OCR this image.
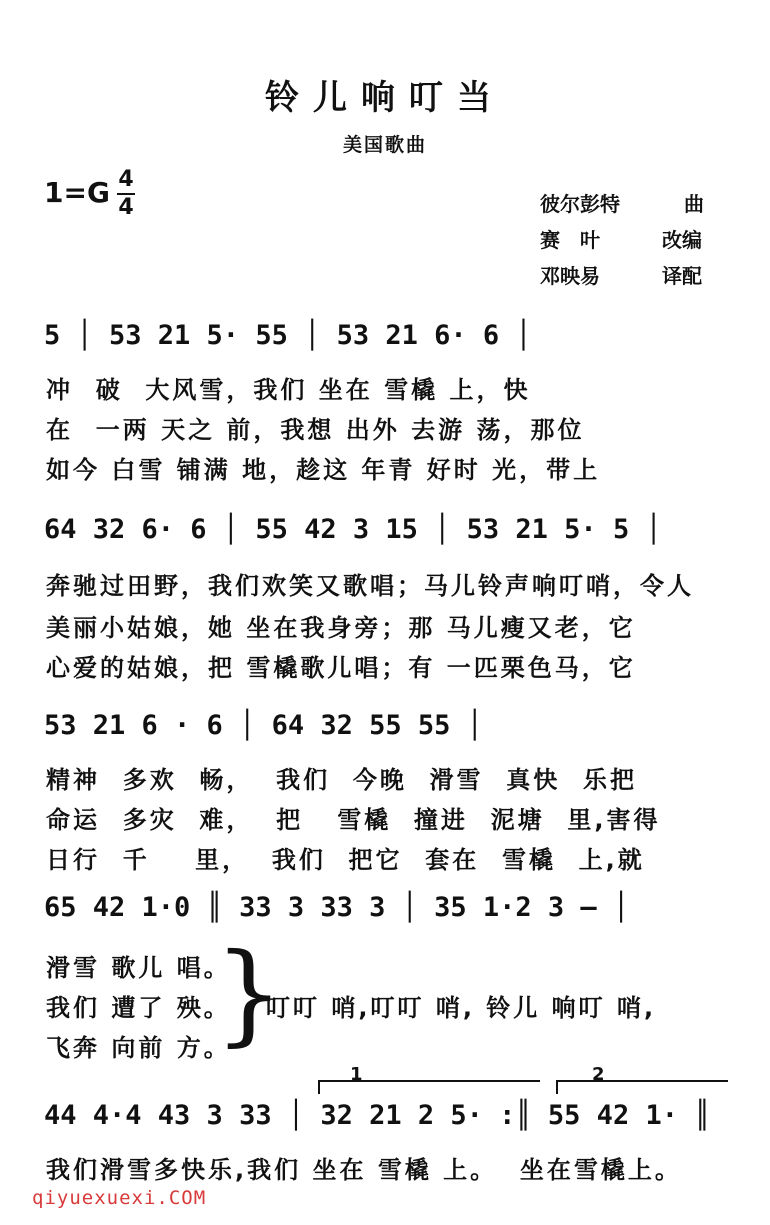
铃儿响叮当
美国歌曲
1=G 4
4	彼尔彭特	曲
赛　叶	改编
邓映易	译配
5 │ 53 21 5· 55 │ 53 21 6· 6 │
冲  破  大风雪，我们 坐在 雪橇 上，快
在  一两 天之 前，我想 出外 去游 荡，那位
如今 白雪 铺满 地，趁这 年青 好时 光，带上
64 32 6· 6 │ 55 42 3 15 │ 53 21 5· 5 │
奔驰过田野，我们欢笑又歌唱；马儿铃声响叮哨，令人
美丽小姑娘，她 坐在我身旁；那 马儿瘦又老，它
心爱的姑娘，把 雪橇歌儿唱；有 一匹栗色马，它
53 21 6 · 6 │ 64 32 55 55 │
精神  多欢  畅，  我们  今晚  滑雪  真快  乐把
命运  多灾  难，  把   雪橇  撞进  泥塘  里,害得
日行  千    里，  我们  把它  套在  雪橇  上,就
65 42 1·0 ║ 33 3 33 3 │ 35 1·2 3 — │
滑雪 歌儿 唱。
我们 遭了 殃。
飞奔 向前 方。
}
叮叮 哨,叮叮 哨, 铃儿 响叮 哨,
1	2
44 4·4 43 3 33 │ 32 21 2 5· :║ 55 42 1· ║
我们滑雪多快乐,我们 坐在 雪橇 上。  坐在雪橇上。
qiyuexuexi.COM
